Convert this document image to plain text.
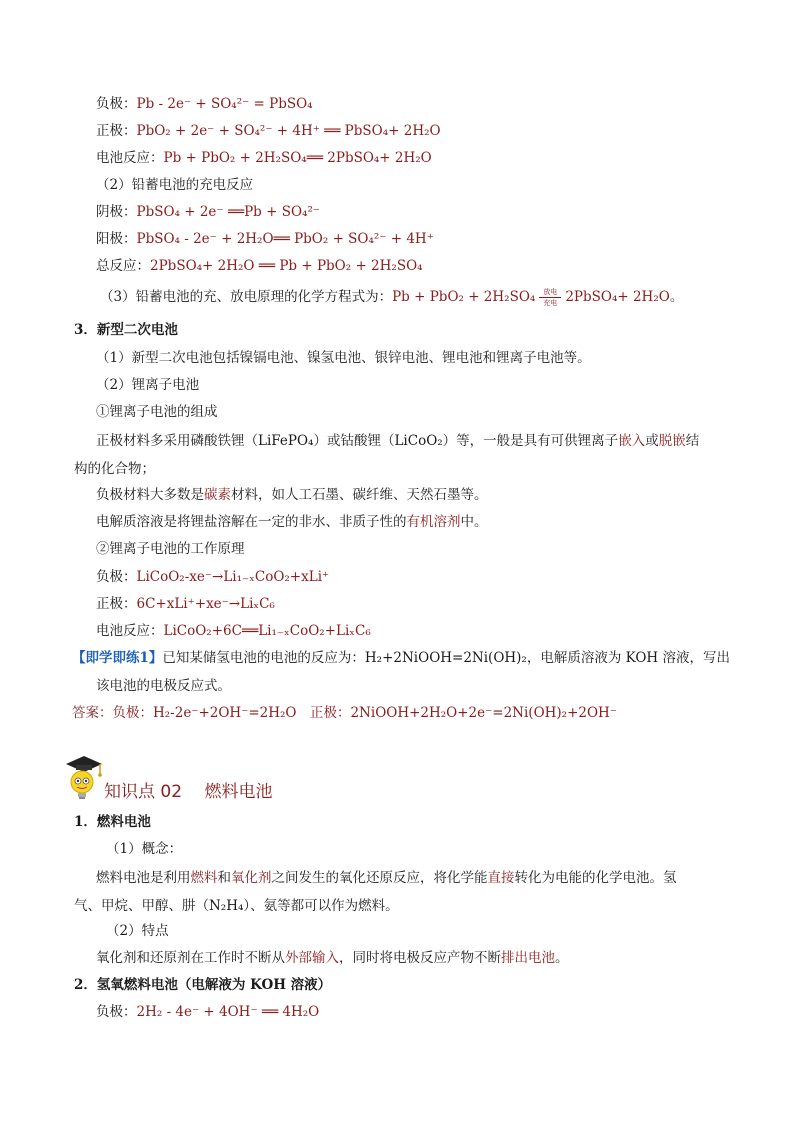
负极：Pb - 2e⁻ + SO₄²⁻ = PbSO₄
正极：PbO₂ + 2e⁻ + SO₄²⁻ + 4H⁺ ══ PbSO₄+ 2H₂O
电池反应：Pb + PbO₂ + 2H₂SO₄══ 2PbSO₄+ 2H₂O
（2）铅蓄电池的充电反应
阴极：PbSO₄ + 2e⁻ ══Pb + SO₄²⁻
阳极：PbSO₄ - 2e⁻ + 2H₂O══ PbO₂ + SO₄²⁻ + 4H⁺
总反应：2PbSO₄+ 2H₂O ══ Pb + PbO₂ + 2H₂SO₄
（3）铅蓄电池的充、放电原理的化学方程式为：$Pb + PbO_2 + 2H_2SO_4 \frac{\text{放电}}{\text{充电}}$ 2PbSO₄+ 2H₂O。
3．新型二次电池
（1）新型二次电池包括镍镉电池、镍氢电池、银锌电池、锂电池和锂离子电池等。
（2）锂离子电池
①锂离子电池的组成
正极材料多采用磷酸铁锂（LiFePO₄）或钴酸锂（LiCoO₂）等，一般是具有可供锂离子嵌入或脱嵌结
构的化合物；
负极材料大多数是碳素材料，如人工石墨、碳纤维、天然石墨等。
电解质溶液是将锂盐溶解在一定的非水、非质子性的有机溶剂中。
②锂离子电池的工作原理
负极：LiCoO₂-xe⁻→Li₁₋ₓCoO₂+xLi⁺
正极：6C+xLi⁺+xe⁻→LiₓC₆
电池反应：LiCoO₂+6C══Li₁₋ₓCoO₂+LiₓC₆
【即学即练1】已知某储氢电池的电池的反应为：H₂+2NiOOH=2Ni(OH)₂，电解质溶液为 KOH 溶液，写出
该电池的电极反应式。
答案：负极：H₂-2e⁻+2OH⁻=2H₂O　正极：2NiOOH+2H₂O+2e⁻=2Ni(OH)₂+2OH⁻
知识点 02　 燃料电池
1．燃料电池
（1）概念：
燃料电池是利用燃料和氧化剂之间发生的氧化还原反应，将化学能直接转化为电能的化学电池。氢
气、甲烷、甲醇、肼（N₂H₄）、氨等都可以作为燃料。
（2）特点
氧化剂和还原剂在工作时不断从外部输入，同时将电极反应产物不断排出电池。
2．氢氧燃料电池（电解液为 KOH 溶液）
负极：2H₂ - 4e⁻ + 4OH⁻ ══ 4H₂O
